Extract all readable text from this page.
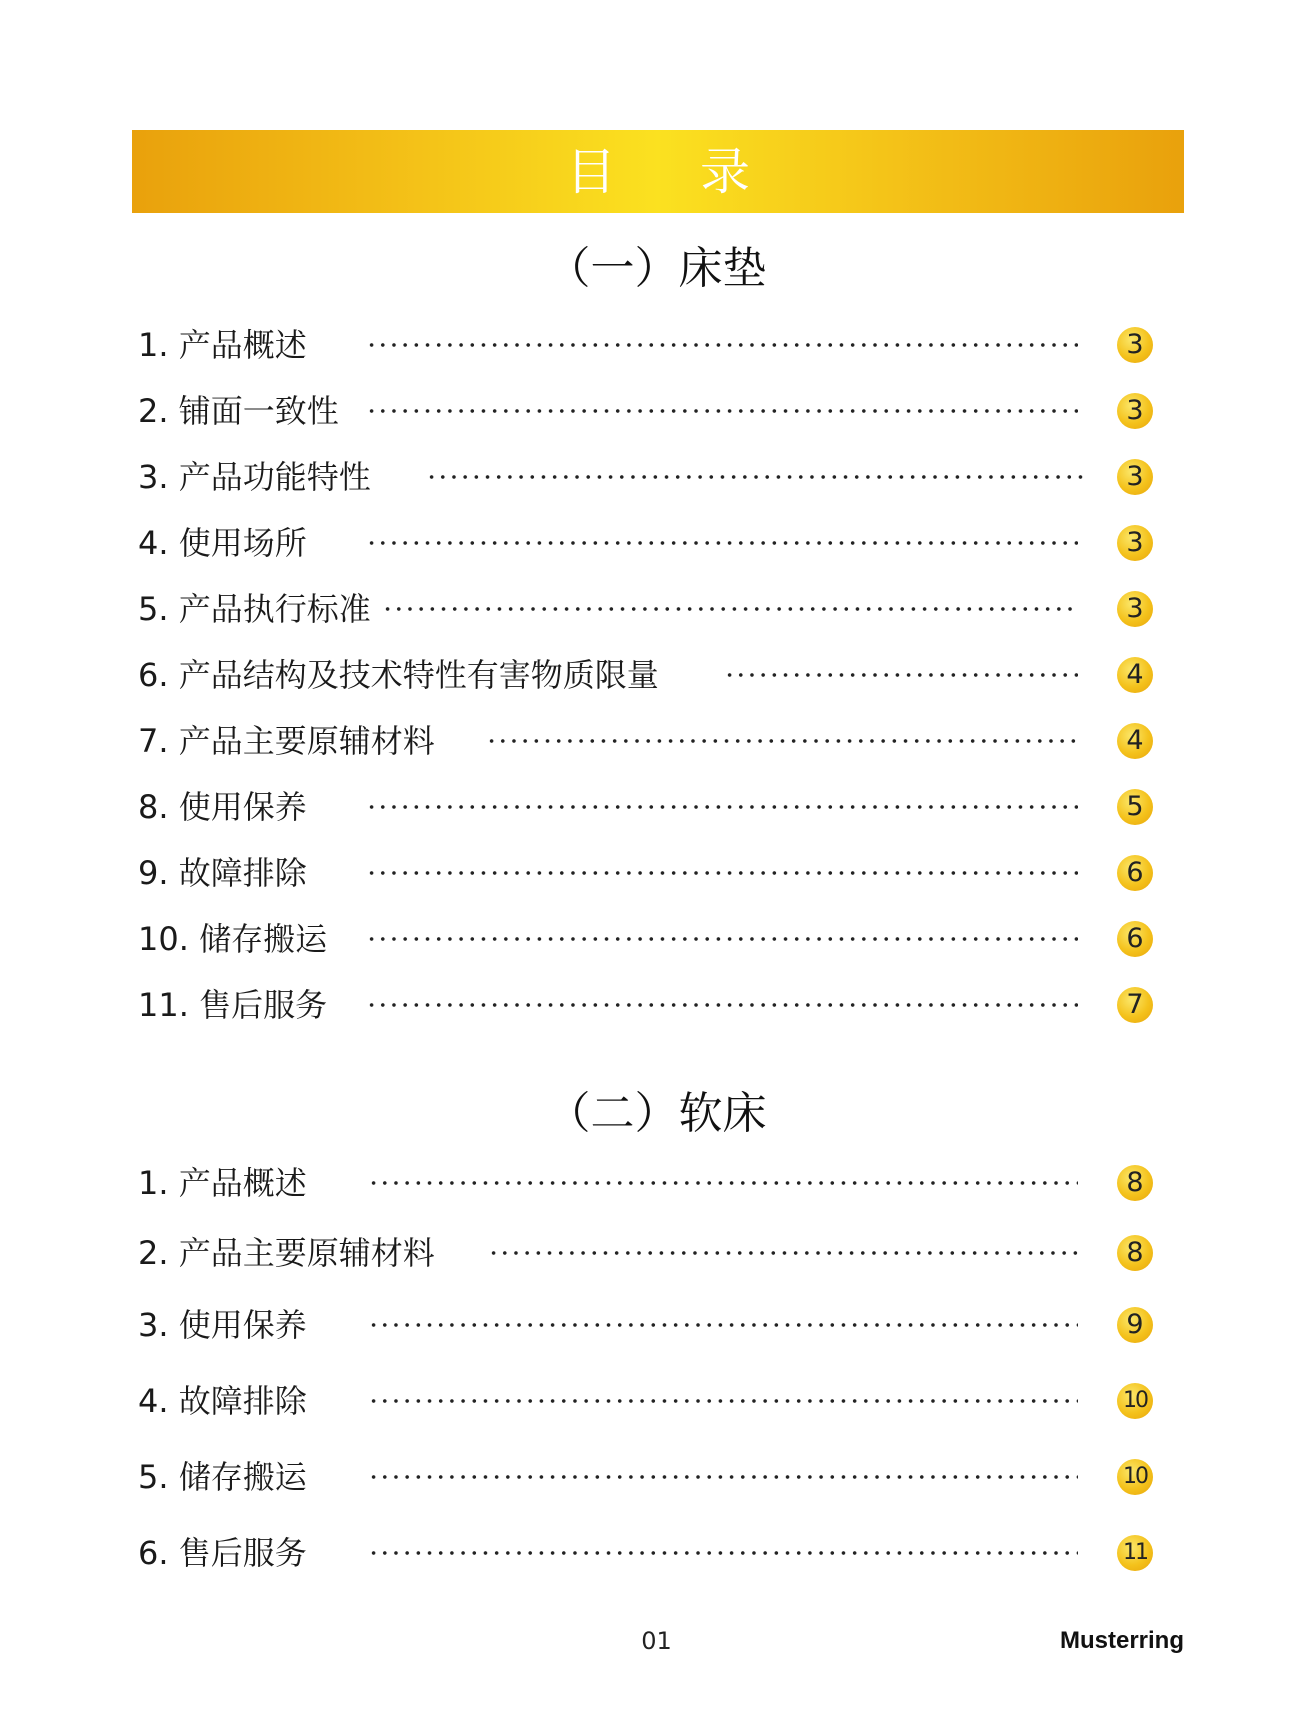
目 录
（一）床垫
1. 产品概述	3
2. 铺面一致性	3
3. 产品功能特性	3
4. 使用场所	3
5. 产品执行标准	3
6. 产品结构及技术特性有害物质限量	4
7. 产品主要原辅材料	4
8. 使用保养	5
9. 故障排除	6
10. 储存搬运	6
11. 售后服务	7
（二）软床
1. 产品概述	8
2. 产品主要原辅材料	8
3. 使用保养	9
4. 故障排除	10
5. 储存搬运	10
6. 售后服务	11
01	Musterring
